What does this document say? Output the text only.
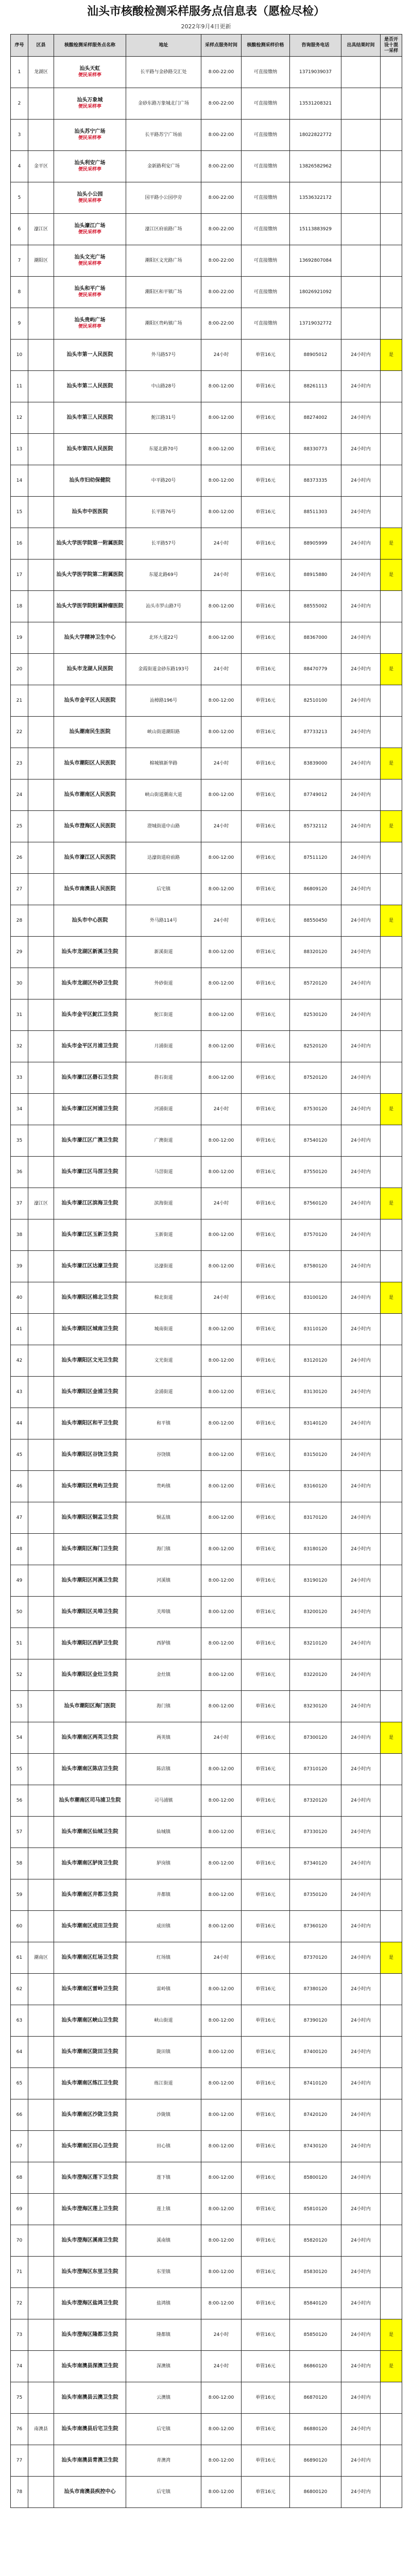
汕头市核酸检测采样服务点信息表（愿检尽检）
2022年9月4日更新
序号	区县	核酸检测采样服务点名称	地址	采样点服务时间	核酸检测采样价格	咨询服务电话	出具结果时间	是否开设十混一采样
1	龙湖区	汕头天虹
便民采样亭	长平路与金砂路交汇处	8:00-22:00	可直接缴纳	13719039037		
2		汕头万象城
便民采样亭	金砂东路万象城北门广场	8:00-22:00	可直接缴纳	13531208321		
3		汕头苏宁广场
便民采样亭	长平路苏宁广场前	8:00-22:00	可直接缴纳	18022822772		
4	金平区	汕头利安广场
便民采样亭	金新路利安广场	8:00-22:00	可直接缴纳	13826582962		
5		汕头小公园
便民采样亭	国平路小公园亭旁	8:00-22:00	可直接缴纳	13536322172		
6	濠江区	汕头濠江广场
便民采样亭	濠江区府前路广场	8:00-22:00	可直接缴纳	15113883929		
7	潮阳区	汕头文光广场
便民采样亭	潮阳区文光路广场	8:00-22:00	可直接缴纳	13692807084		
8		汕头和平广场
便民采样亭	潮阳区和平镇广场	8:00-22:00	可直接缴纳	18026921092		
9		汕头贵屿广场
便民采样亭	潮阳区贵屿镇广场	8:00-22:00	可直接缴纳	13719032772		
10		汕头市第一人民医院	外马路57号	24小时	单管16元	88905012	24小时内	是
11		汕头市第二人民医院	中山路28号	8:00-12:00	单管16元	88261113	24小时内	
12		汕头市第三人民医院	鮀江路31号	8:00-12:00	单管16元	88274002	24小时内	
13		汕头市第四人民医院	东厦北路70号	8:00-12:00	单管16元	88330773	24小时内	
14		汕头市妇幼保健院	中平路20号	8:00-12:00	单管16元	88373335	24小时内	
15		汕头市中医医院	长平路76号	8:00-12:00	单管16元	88511303	24小时内	
16		汕头大学医学院第一附属医院	长平路57号	24小时	单管16元	88905999	24小时内	是
17		汕头大学医学院第二附属医院	东厦北路69号	24小时	单管16元	88915880	24小时内	是
18		汕头大学医学院附属肿瘤医院	汕头市罗山路7号	8:00-12:00	单管16元	88555002	24小时内	
19		汕头大学精神卫生中心	北环大道22号	8:00-12:00	单管16元	88367000	24小时内	
20		汕头市龙湖人民医院	金霞街道金砂东路193号	24小时	单管16元	88470779	24小时内	是
21		汕头市金平区人民医院	汕樟路196号	8:00-12:00	单管16元	82510100	24小时内	
22		汕头潮南民生医院	峡山街道潮阳路	8:00-12:00	单管16元	87733213	24小时内	
23		汕头市潮阳区人民医院	棉城镇新华路	24小时	单管16元	83839000	24小时内	是
24		汕头市潮南区人民医院	峡山街道潮南大道	8:00-12:00	单管16元	87749012	24小时内	
25		汕头市澄海区人民医院	澄城街道中山路	24小时	单管16元	85732112	24小时内	是
26		汕头市濠江区人民医院	达濠街道府前路	8:00-12:00	单管16元	87511120	24小时内	
27		汕头市南澳县人民医院	后宅镇	8:00-12:00	单管16元	86809120	24小时内	
28		汕头市中心医院	外马路114号	24小时	单管16元	88550450	24小时内	是
29		汕头市龙湖区新溪卫生院	新溪街道	8:00-12:00	单管16元	88320120	24小时内	
30		汕头市龙湖区外砂卫生院	外砂街道	8:00-12:00	单管16元	85720120	24小时内	
31		汕头市金平区鮀江卫生院	鮀江街道	8:00-12:00	单管16元	82530120	24小时内	
32		汕头市金平区月浦卫生院	月浦街道	8:00-12:00	单管16元	82520120	24小时内	
33		汕头市濠江区礐石卫生院	礐石街道	8:00-12:00	单管16元	87520120	24小时内	
34		汕头市濠江区河浦卫生院	河浦街道	24小时	单管16元	87530120	24小时内	是
35		汕头市濠江区广澳卫生院	广澳街道	8:00-12:00	单管16元	87540120	24小时内	
36		汕头市濠江区马滘卫生院	马滘街道	8:00-12:00	单管16元	87550120	24小时内	
37	濠江区	汕头市濠江区滨海卫生院	滨海街道	24小时	单管16元	87560120	24小时内	是
38		汕头市濠江区玉新卫生院	玉新街道	8:00-12:00	单管16元	87570120	24小时内	
39		汕头市濠江区达濠卫生院	达濠街道	8:00-12:00	单管16元	87580120	24小时内	
40		汕头市潮阳区棉北卫生院	棉北街道	24小时	单管16元	83100120	24小时内	是
41		汕头市潮阳区城南卫生院	城南街道	8:00-12:00	单管16元	83110120	24小时内	
42		汕头市潮阳区文光卫生院	文光街道	8:00-12:00	单管16元	83120120	24小时内	
43		汕头市潮阳区金浦卫生院	金浦街道	8:00-12:00	单管16元	83130120	24小时内	
44		汕头市潮阳区和平卫生院	和平镇	8:00-12:00	单管16元	83140120	24小时内	
45		汕头市潮阳区谷饶卫生院	谷饶镇	8:00-12:00	单管16元	83150120	24小时内	
46		汕头市潮阳区贵屿卫生院	贵屿镇	8:00-12:00	单管16元	83160120	24小时内	
47		汕头市潮阳区铜盂卫生院	铜盂镇	8:00-12:00	单管16元	83170120	24小时内	
48		汕头市潮阳区海门卫生院	海门镇	8:00-12:00	单管16元	83180120	24小时内	
49		汕头市潮阳区河溪卫生院	河溪镇	8:00-12:00	单管16元	83190120	24小时内	
50		汕头市潮阳区关埠卫生院	关埠镇	8:00-12:00	单管16元	83200120	24小时内	
51		汕头市潮阳区西胪卫生院	西胪镇	8:00-12:00	单管16元	83210120	24小时内	
52		汕头市潮阳区金灶卫生院	金灶镇	8:00-12:00	单管16元	83220120	24小时内	
53		汕头市潮阳区海门医院	海门镇	8:00-12:00	单管16元	83230120	24小时内	
54		汕头市潮南区两英卫生院	两英镇	24小时	单管16元	87300120	24小时内	是
55		汕头市潮南区陈店卫生院	陈店镇	8:00-12:00	单管16元	87310120	24小时内	
56		汕头市潮南区司马浦卫生院	司马浦镇	8:00-12:00	单管16元	87320120	24小时内	
57		汕头市潮南区仙城卫生院	仙城镇	8:00-12:00	单管16元	87330120	24小时内	
58		汕头市潮南区胪岗卫生院	胪岗镇	8:00-12:00	单管16元	87340120	24小时内	
59		汕头市潮南区井都卫生院	井都镇	8:00-12:00	单管16元	87350120	24小时内	
60		汕头市潮南区成田卫生院	成田镇	8:00-12:00	单管16元	87360120	24小时内	
61	潮南区	汕头市潮南区红场卫生院	红场镇	24小时	单管16元	87370120	24小时内	是
62		汕头市潮南区雷岭卫生院	雷岭镇	8:00-12:00	单管16元	87380120	24小时内	
63		汕头市潮南区峡山卫生院	峡山街道	8:00-12:00	单管16元	87390120	24小时内	
64		汕头市潮南区陇田卫生院	陇田镇	8:00-12:00	单管16元	87400120	24小时内	
65		汕头市潮南区练江卫生院	练江街道	8:00-12:00	单管16元	87410120	24小时内	
66		汕头市潮南区沙陇卫生院	沙陇镇	8:00-12:00	单管16元	87420120	24小时内	
67		汕头市潮南区田心卫生院	田心镇	8:00-12:00	单管16元	87430120	24小时内	
68		汕头市澄海区莲下卫生院	莲下镇	8:00-12:00	单管16元	85800120	24小时内	
69		汕头市澄海区莲上卫生院	莲上镇	8:00-12:00	单管16元	85810120	24小时内	
70		汕头市澄海区溪南卫生院	溪南镇	8:00-12:00	单管16元	85820120	24小时内	
71		汕头市澄海区东里卫生院	东里镇	8:00-12:00	单管16元	85830120	24小时内	
72		汕头市澄海区盐鸿卫生院	盐鸿镇	8:00-12:00	单管16元	85840120	24小时内	
73		汕头市澄海区隆都卫生院	隆都镇	24小时	单管16元	85850120	24小时内	是
74		汕头市南澳县深澳卫生院	深澳镇	24小时	单管16元	86860120	24小时内	是
75		汕头市南澳县云澳卫生院	云澳镇	8:00-12:00	单管16元	86870120	24小时内	
76	南澳县	汕头市南澳县后宅卫生院	后宅镇	8:00-12:00	单管16元	86880120	24小时内	
77		汕头市南澳县青澳卫生院	青澳湾	8:00-12:00	单管16元	86890120	24小时内	
78		汕头市南澳县疾控中心	后宅镇	8:00-12:00	单管16元	86800120	24小时内	
